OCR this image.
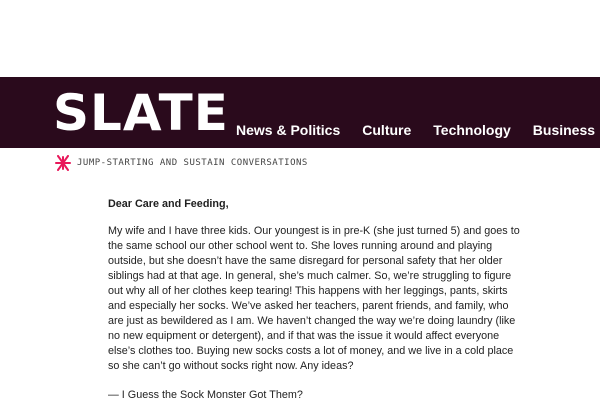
SLATE News & Politics Culture Technology Business
JUMP-STARTING AND SUSTAIN CONVERSATIONS

Dear Care and Feeding,

My wife and I have three kids. Our youngest is in pre-K (she just turned 5) and goes to the same school our other school went to. She loves running around and playing outside, but she doesn’t have the same disregard for personal safety that her older siblings had at that age. In general, she’s much calmer. So, we’re struggling to figure out why all of her clothes keep tearing! This happens with her leggings, pants, skirts and especially her socks. We’ve asked her teachers, parent friends, and family, who are just as bewildered as I am. We haven’t changed the way we’re doing laundry (like no new equipment or detergent), and if that was the issue it would affect everyone else’s clothes too. Buying new socks costs a lot of money, and we live in a cold place so she can’t go without socks right now. Any ideas?

— I Guess the Sock Monster Got Them?
